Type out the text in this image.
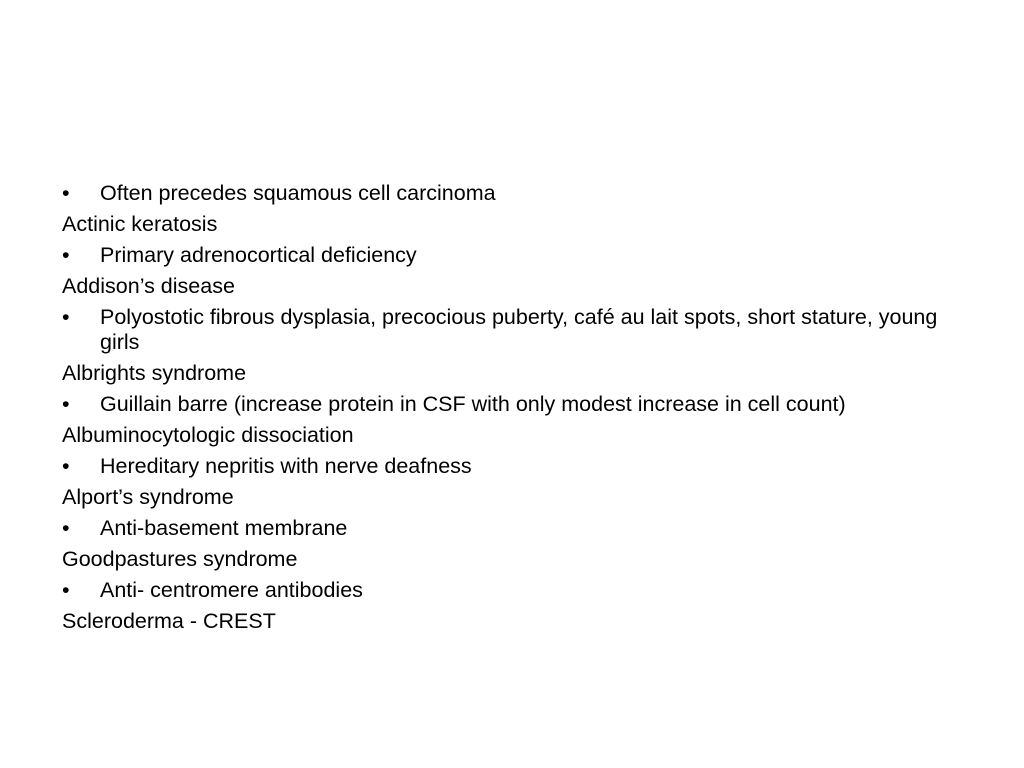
• Often precedes squamous cell carcinoma
Actinic keratosis
• Primary adrenocortical deficiency
Addison’s disease
• Polyostotic fibrous dysplasia, precocious puberty, café au lait spots, short stature, young girls
Albrights syndrome
• Guillain barre (increase protein in CSF with only modest increase in cell count)
Albuminocytologic dissociation
• Hereditary nepritis with nerve deafness
Alport’s syndrome
• Anti-basement membrane
Goodpastures syndrome
• Anti- centromere antibodies
Scleroderma - CREST
